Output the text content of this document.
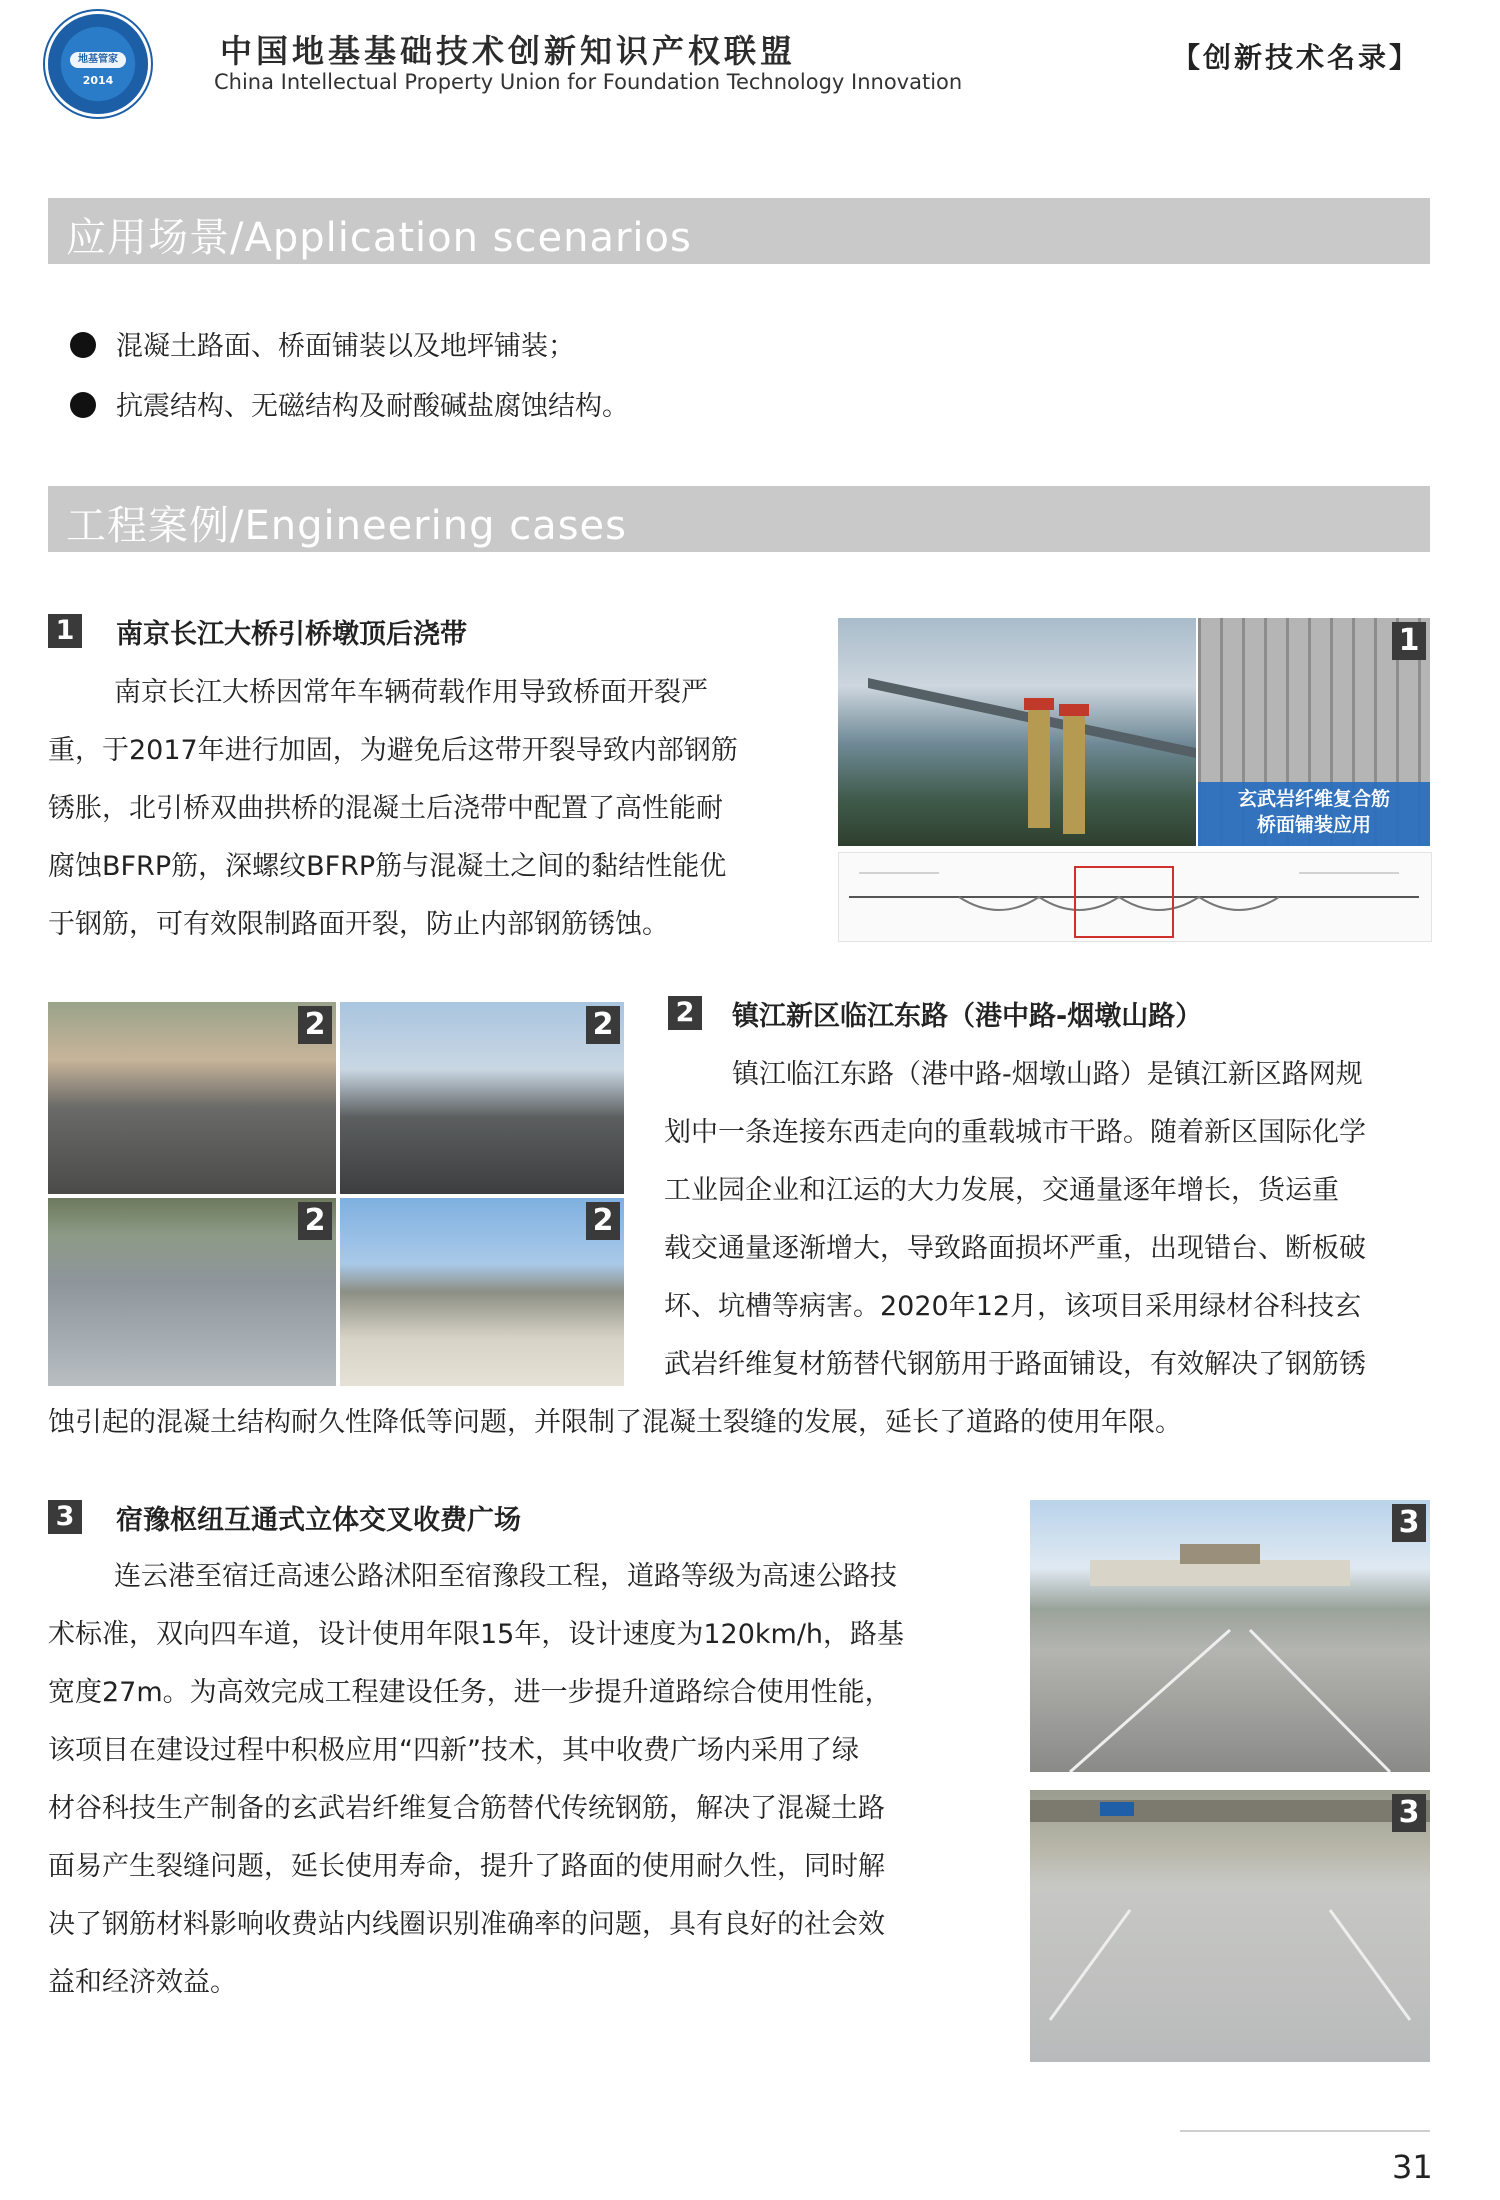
地基管家
2014
中国地基基础技术创新知识产权联盟
China Intellectual Property Union for Foundation Technology Innovation
【创新技术名录】
应用场景/Application scenarios
混凝土路面、桥面铺装以及地坪铺装；
抗震结构、无磁结构及耐酸碱盐腐蚀结构。
工程案例/Engineering cases
1 南京长江大桥引桥墩顶后浇带

南京长江大桥因常年车辆荷载作用导致桥面开裂严

重，于2017年进行加固，为避免后这带开裂导致内部钢筋

锈胀，北引桥双曲拱桥的混凝土后浇带中配置了高性能耐

腐蚀BFRP筋，深螺纹BFRP筋与混凝土之间的黏结性能优

于钢筋，可有效限制路面开裂，防止内部钢筋锈蚀。

1
玄武岩纤维复合筋
桥面铺装应用
2	2
2	2
2 镇江新区临江东路（港中路-烟墩山路）

镇江临江东路（港中路-烟墩山路）是镇江新区路网规

划中一条连接东西走向的重载城市干路。随着新区国际化学

工业园企业和江运的大力发展，交通量逐年增长，货运重

载交通量逐渐增大，导致路面损坏严重，出现错台、断板破

坏、坑槽等病害。2020年12月，该项目采用绿材谷科技玄

武岩纤维复材筋替代钢筋用于路面铺设，有效解决了钢筋锈

蚀引起的混凝土结构耐久性降低等问题，并限制了混凝土裂缝的发展，延长了道路的使用年限。

3 宿豫枢纽互通式立体交叉收费广场

连云港至宿迁高速公路沭阳至宿豫段工程，道路等级为高速公路技

术标准，双向四车道，设计使用年限15年，设计速度为120km/h，路基

宽度27m。为高效完成工程建设任务，进一步提升道路综合使用性能，

该项目在建设过程中积极应用“四新”技术，其中收费广场内采用了绿

材谷科技生产制备的玄武岩纤维复合筋替代传统钢筋，解决了混凝土路

面易产生裂缝问题，延长使用寿命，提升了路面的使用耐久性，同时解

决了钢筋材料影响收费站内线圈识别准确率的问题，具有良好的社会效

益和经济效益。

3
3
31
